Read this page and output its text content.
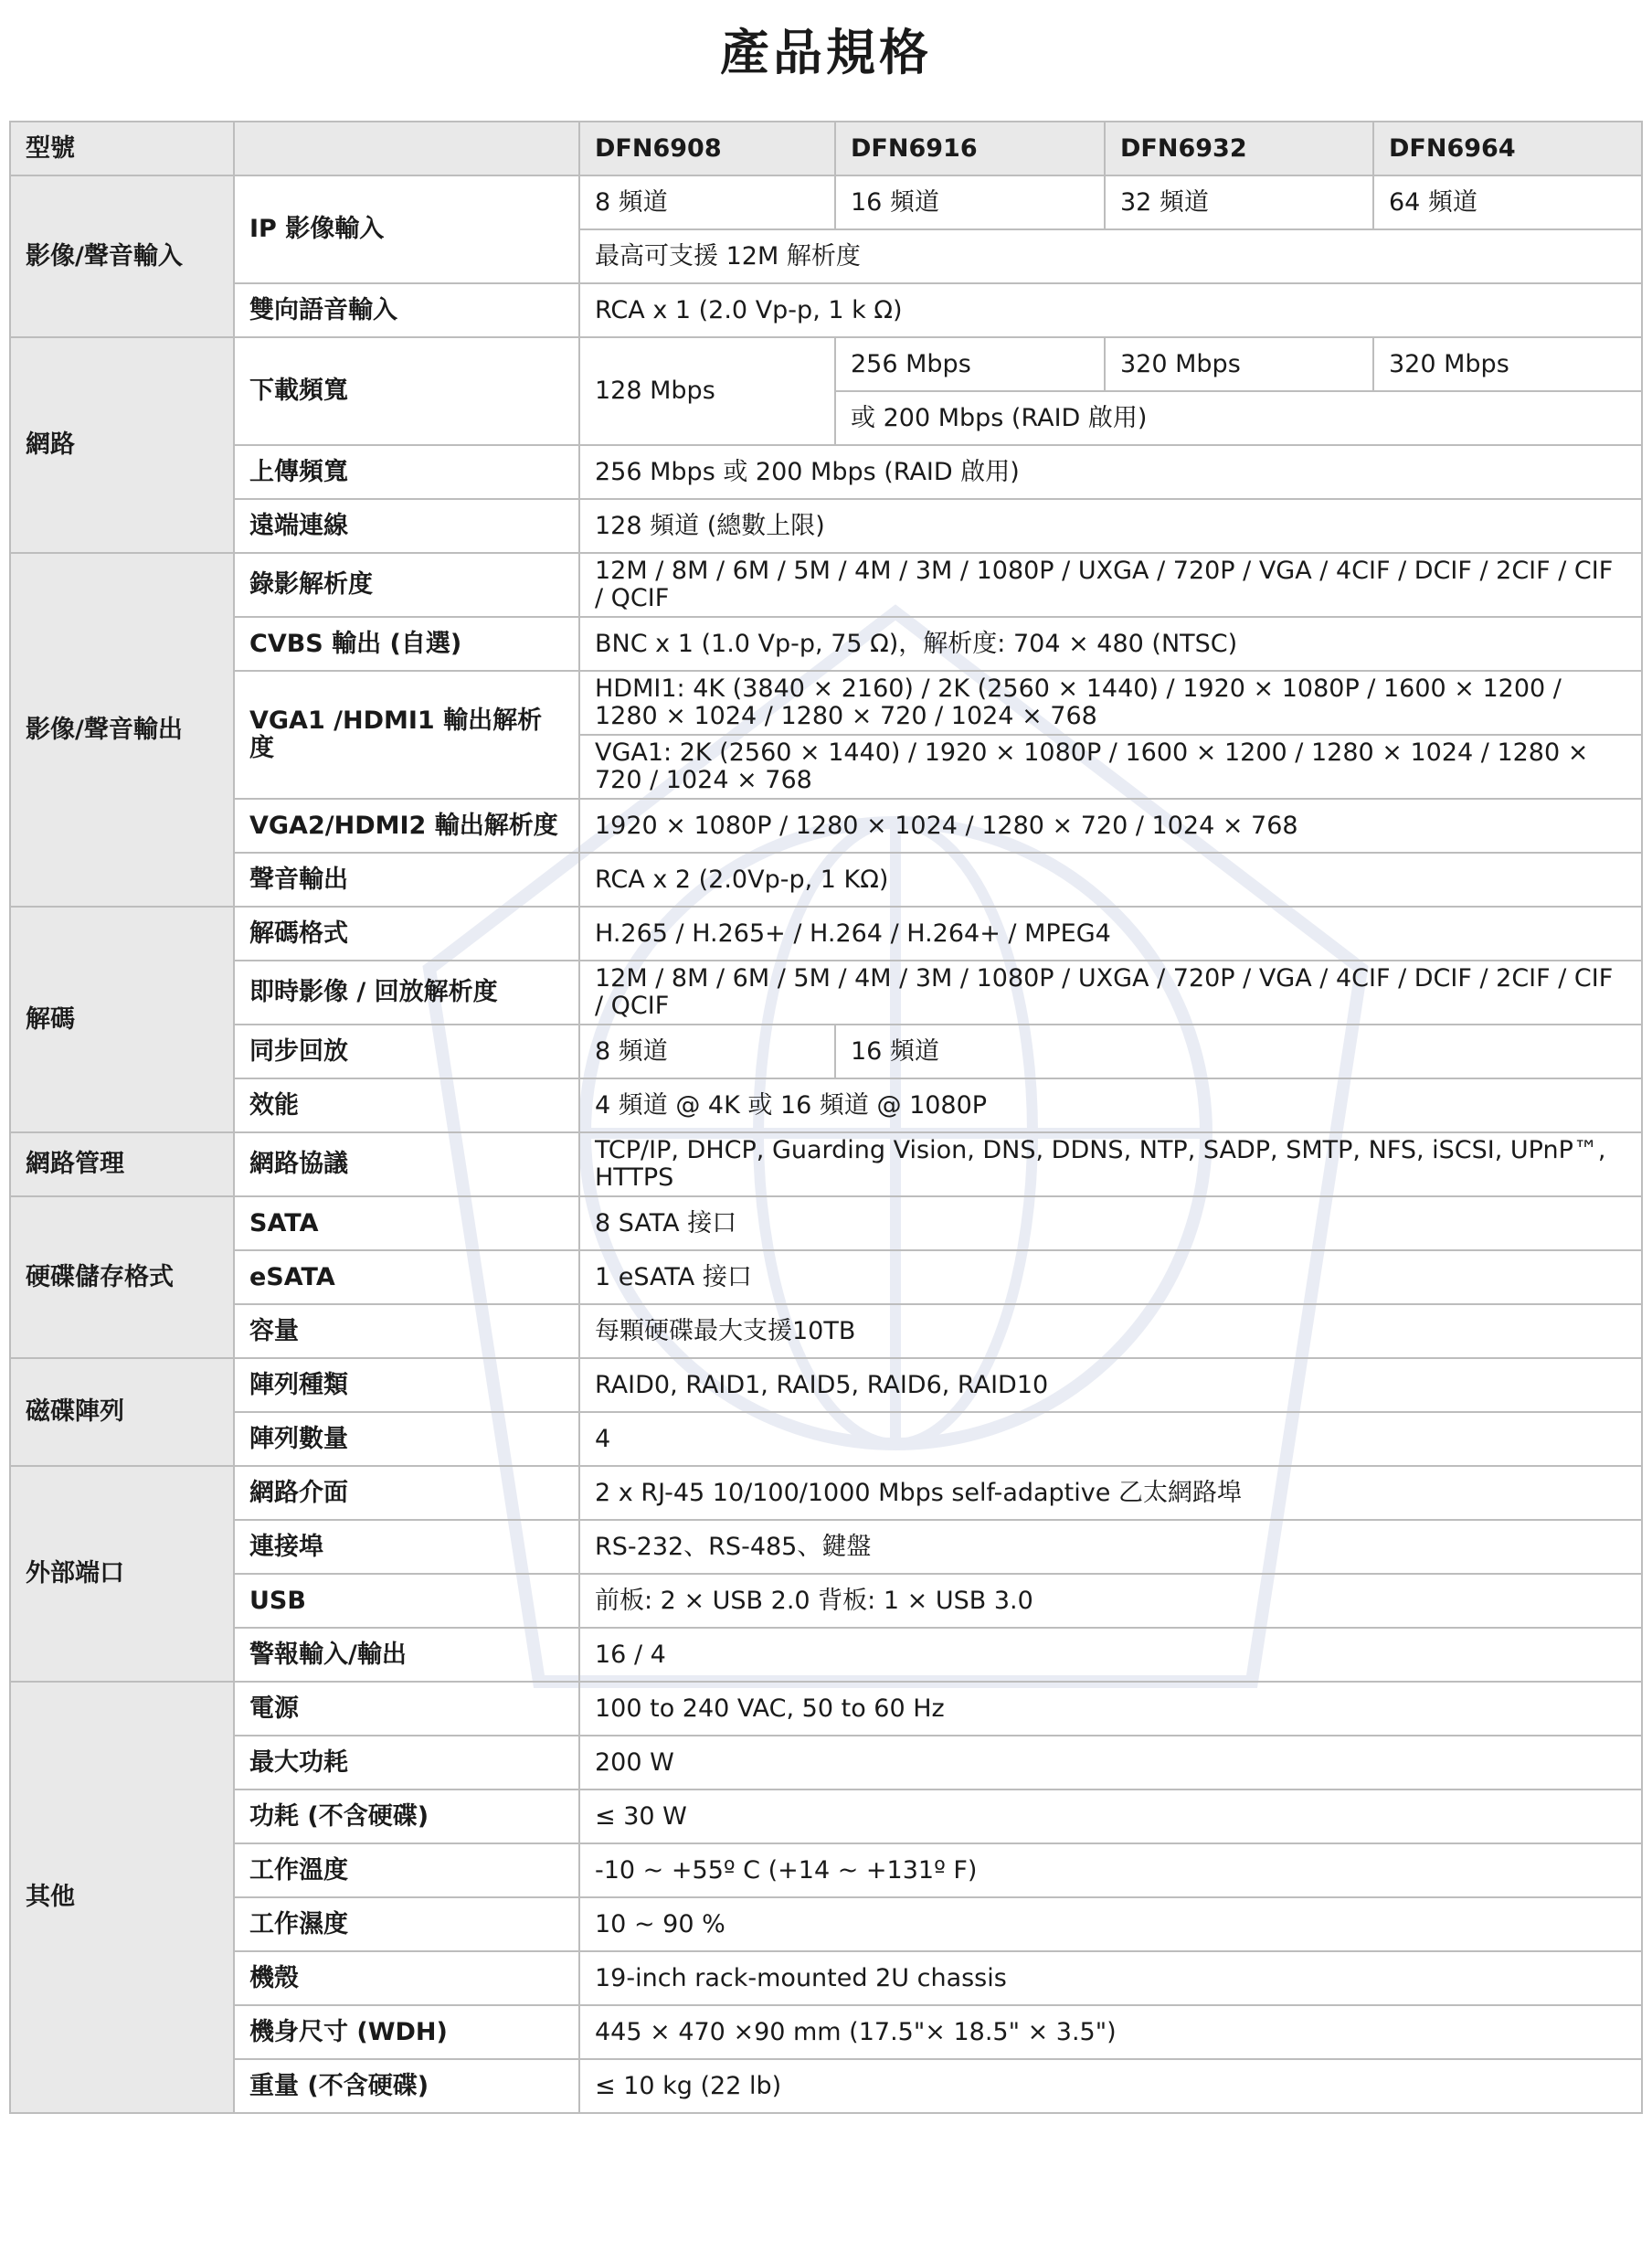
產品規格
型號		DFN6908	DFN6916	DFN6932	DFN6964
影像/聲音輸入	IP 影像輸入	8 頻道	16 頻道	32 頻道	64 頻道
		最高可支援 12M 解析度			
	雙向語音輸入	RCA x 1 (2.0 Vp-p, 1 k Ω)			
網路	下載頻寬	128 Mbps	256 Mbps	320 Mbps	320 Mbps
			或 200 Mbps (RAID 啟用)		
	上傳頻寬	256 Mbps 或 200 Mbps (RAID 啟用)			
	遠端連線	128 頻道 (總數上限)			
影像/聲音輸出	錄影解析度	12M / 8M / 6M / 5M / 4M / 3M / 1080P / UXGA / 720P / VGA / 4CIF / DCIF / 2CIF / CIF / QCIF			
	CVBS 輸出 (自選)	BNC x 1 (1.0 Vp-p, 75 Ω)，解析度: 704 × 480 (NTSC)			
	VGA1 /HDMI1 輸出解析度	HDMI1: 4K (3840 × 2160) / 2K (2560 × 1440) / 1920 × 1080P / 1600 × 1200 / 1280 × 1024 / 1280 × 720 / 1024 × 768			
		VGA1: 2K (2560 × 1440) / 1920 × 1080P / 1600 × 1200 / 1280 × 1024 / 1280 × 720 / 1024 × 768			
	VGA2/HDMI2 輸出解析度	1920 × 1080P / 1280 × 1024 / 1280 × 720 / 1024 × 768			
	聲音輸出	RCA x 2 (2.0Vp-p, 1 KΩ)			
解碼	解碼格式	H.265 / H.265+ / H.264 / H.264+ / MPEG4			
	即時影像 / 回放解析度	12M / 8M / 6M / 5M / 4M / 3M / 1080P / UXGA / 720P / VGA / 4CIF / DCIF / 2CIF / CIF / QCIF			
	同步回放	8 頻道	16 頻道		
	效能	4 頻道 @ 4K 或 16 頻道 @ 1080P			
網路管理	網路協議	TCP/IP, DHCP, Guarding Vision, DNS, DDNS, NTP, SADP, SMTP, NFS, iSCSI, UPnP™, HTTPS			
硬碟儲存格式	SATA	8 SATA 接口			
	eSATA	1 eSATA 接口			
	容量	每顆硬碟最大支援10TB			
磁碟陣列	陣列種類	RAID0, RAID1, RAID5, RAID6, RAID10			
	陣列數量	4			
外部端口	網路介面	2 x RJ-45 10/100/1000 Mbps self-adaptive 乙太網路埠			
	連接埠	RS-232、RS-485、鍵盤			
	USB	前板: 2 × USB 2.0 背板: 1 × USB 3.0			
	警報輸入/輸出	16 / 4			
其他	電源	100 to 240 VAC, 50 to 60 Hz			
	最大功耗	200 W			
	功耗 (不含硬碟)	≤ 30 W			
	工作溫度	-10 ~ +55º C (+14 ~ +131º F)			
	工作濕度	10 ~ 90 %			
	機殼	19-inch rack-mounted 2U chassis			
	機身尺寸 (WDH)	445 × 470 ×90 mm (17.5"× 18.5" × 3.5")			
	重量 (不含硬碟)	≤ 10 kg (22 lb)			
